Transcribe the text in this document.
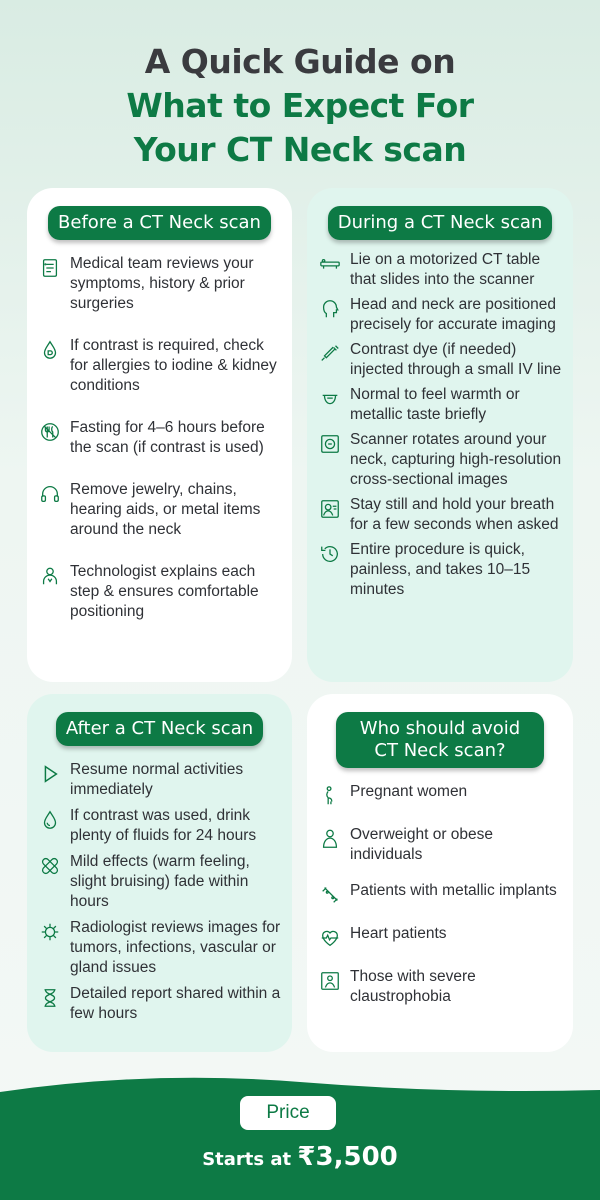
A Quick Guide on
What to Expect For
Your CT Neck scan
Before a CT Neck scan
Medical team reviews your symptoms, history & prior surgeries
If contrast is required, check for allergies to iodine & kidney conditions
Fasting for 4–6 hours before the scan (if contrast is used)
Remove jewelry, chains, hearing aids, or metal items around the neck
Technologist explains each step & ensures comfortable positioning
During a CT Neck scan
Lie on a motorized CT table that slides into the scanner
Head and neck are positioned precisely for accurate imaging
Contrast dye (if needed) injected through a small IV line
Normal to feel warmth or metallic taste briefly
Scanner rotates around your neck, capturing high-resolution cross-sectional images
Stay still and hold your breath for a few seconds when asked
Entire procedure is quick, painless, and takes 10–15 minutes
After a CT Neck scan
Resume normal activities immediately
If contrast was used, drink plenty of fluids for 24 hours
Mild effects (warm feeling, slight bruising) fade within hours
Radiologist reviews images for tumors, infections, vascular or gland issues
Detailed report shared within a few hours
Who should avoid
CT Neck scan?
Pregnant women
Overweight or obese individuals
Patients with metallic implants
Heart patients
Those with severe claustrophobia
Price
Starts at ₹3,500
